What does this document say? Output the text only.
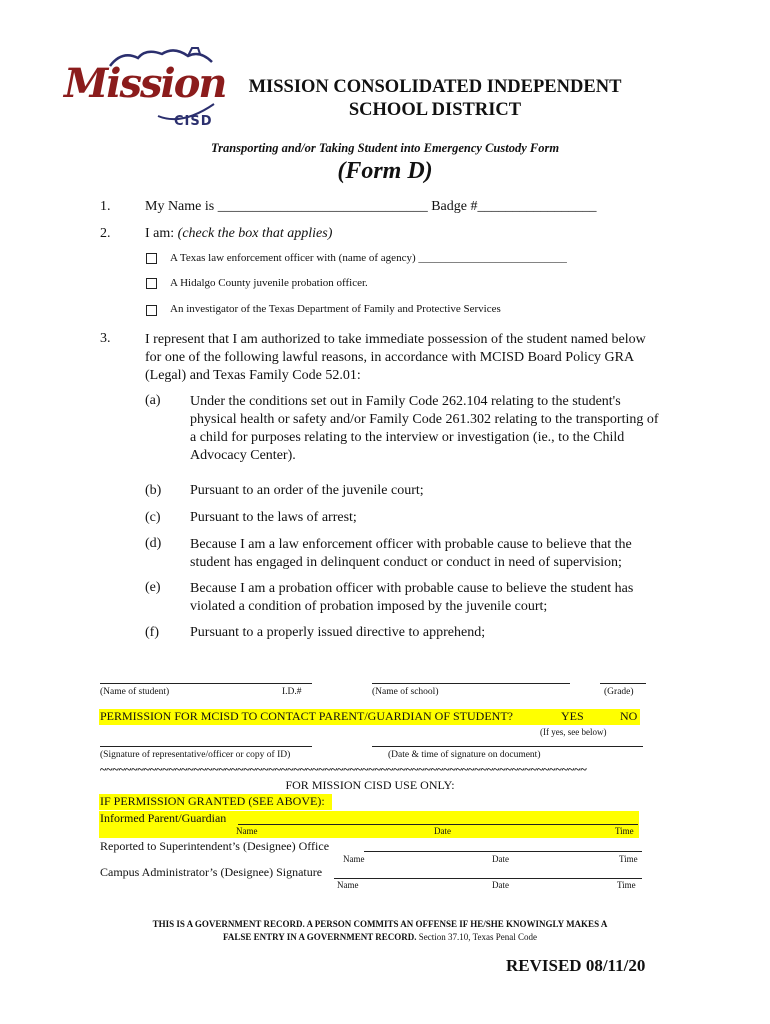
Mission
CISD
MISSION CONSOLIDATED INDEPENDENT
SCHOOL DISTRICT
Transporting and/or Taking Student into Emergency Custody Form
(Form D)
1. My Name is ______________________________ Badge #_________________
2. I am: (check the box that applies)
A Texas law enforcement officer with (name of agency) ___________________________
A Hidalgo County juvenile probation officer.
An investigator of the Texas Department of Family and Protective Services
3. I represent that I am authorized to take immediate possession of the student named below for one of the following lawful reasons, in accordance with MCISD Board Policy GRA (Legal) and Texas Family Code 52.01:
(a) Under the conditions set out in Family Code 262.104 relating to the student's physical health or safety and/or Family Code 261.302 relating to the transporting of a child for purposes relating to the interview or investigation (ie., to the Child Advocacy Center).
(b) Pursuant to an order of the juvenile court;
(c) Pursuant to the laws of arrest;
(d) Because I am a law enforcement officer with probable cause to believe that the student has engaged in delinquent conduct or conduct in need of supervision;
(e) Because I am a probation officer with probable cause to believe the student has violated a condition of probation imposed by the juvenile court;
(f) Pursuant to a properly issued directive to apprehend;
(Name of student)	I.D.#	(Name of school)	(Grade)
PERMISSION FOR MCISD TO CONTACT PARENT/GUARDIAN OF STUDENT?	YES	NO
(If yes, see below)
(Signature of representative/officer or copy of ID)	(Date & time of signature on document)
~~~~~~~~~~~~~~~~~~~~~~~~~~~~~~~~~~~~~~~~~~~~~~~~~~~~~~~~~~~~~~~~~~~~~~~~~~~~~~
FOR MISSION CISD USE ONLY:
IF PERMISSION GRANTED (SEE ABOVE):
Informed Parent/Guardian
Name	Date	Time
Reported to Superintendent’s (Designee) Office
Name	Date	Time
Campus Administrator’s (Designee) Signature
Name	Date	Time
THIS IS A GOVERNMENT RECORD. A PERSON COMMITS AN OFFENSE IF HE/SHE KNOWINGLY MAKES A
FALSE ENTRY IN A GOVERNMENT RECORD. Section 37.10, Texas Penal Code
REVISED 08/11/20
